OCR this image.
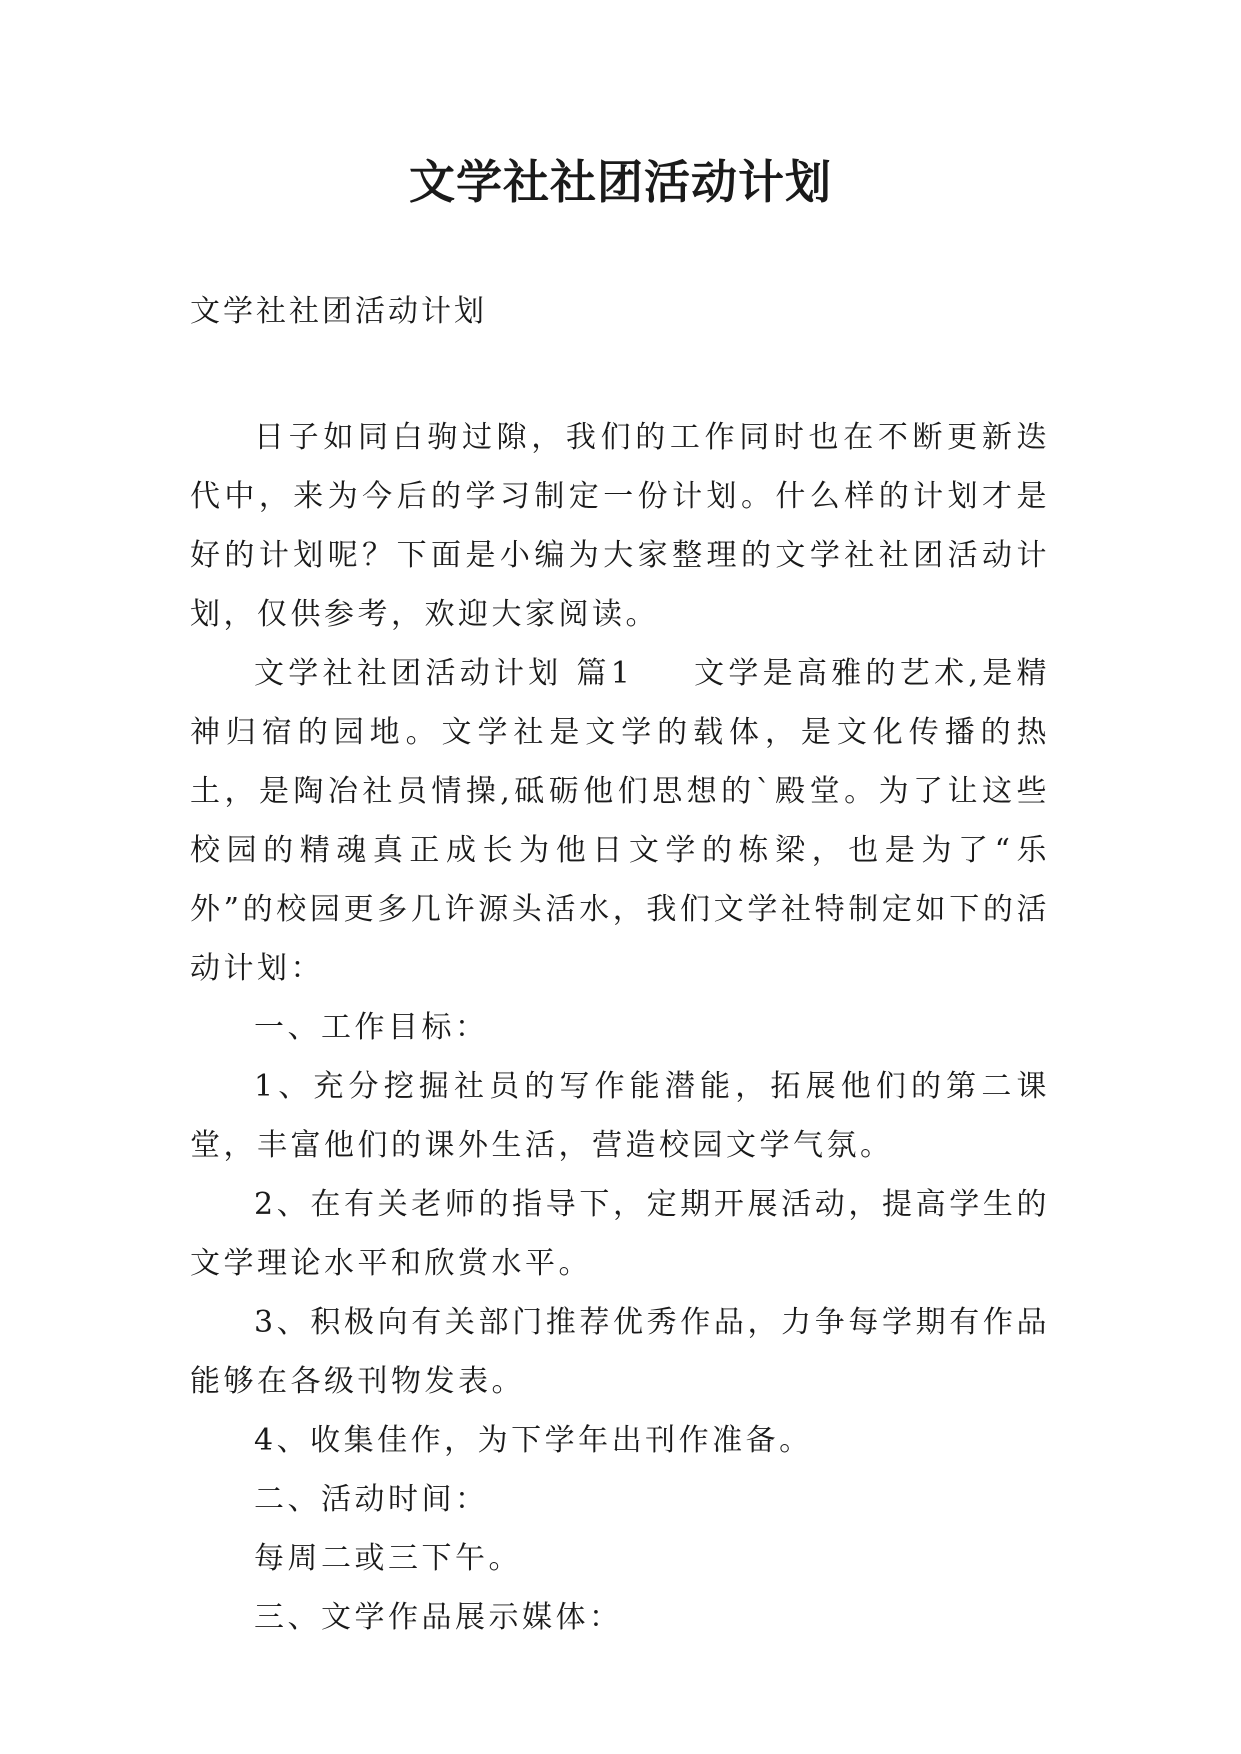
文学社社团活动计划
文学社社团活动计划

日子如同白驹过隙，我们的工作同时也在不断更新迭代中，来为今后的学习制定一份计划。什么样的计划才是好的计划呢？下面是小编为大家整理的文学社社团活动计划，仅供参考，欢迎大家阅读。

文学社社团活动计划 篇1 文学是高雅的艺术,是精神归宿的园地。文学社是文学的载体，是文化传播的热土，是陶冶社员情操,砥砺他们思想的`殿堂。为了让这些校园的精魂真正成长为他日文学的栋梁，也是为了“乐外”的校园更多几许源头活水，我们文学社特制定如下的活动计划：

一、工作目标：

1、充分挖掘社员的写作能潜能，拓展他们的第二课堂，丰富他们的课外生活，营造校园文学气氛。

2、在有关老师的指导下，定期开展活动，提高学生的文学理论水平和欣赏水平。

3、积极向有关部门推荐优秀作品，力争每学期有作品能够在各级刊物发表。

4、收集佳作，为下学年出刊作准备。

二、活动时间：

每周二或三下午。

三、文学作品展示媒体：
